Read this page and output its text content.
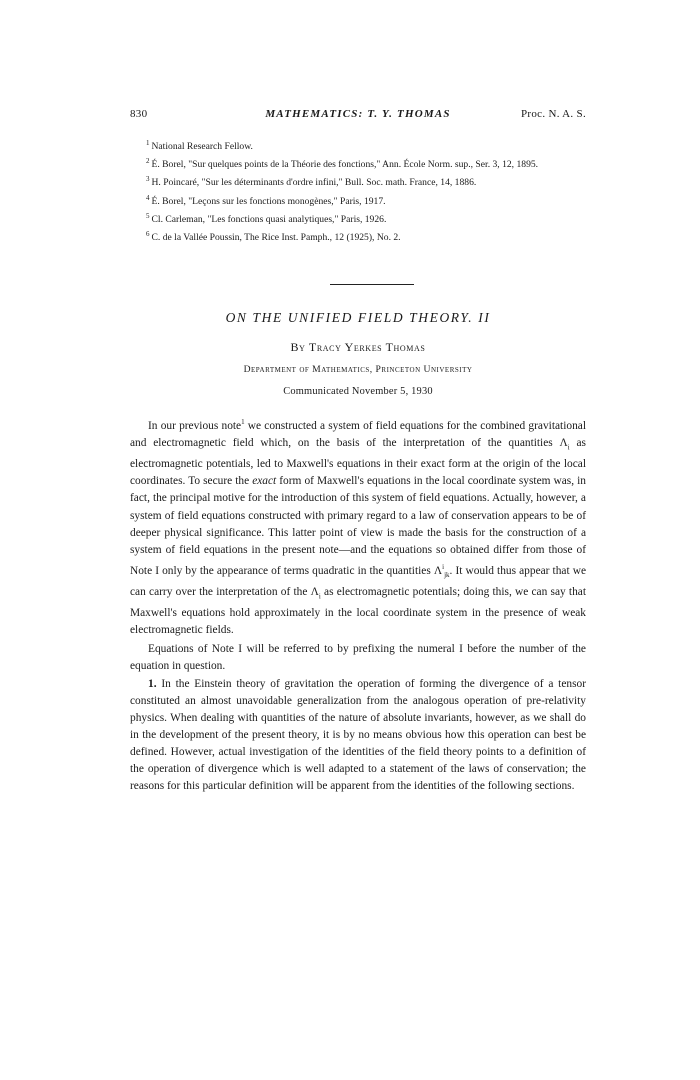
830	MATHEMATICS: T. Y. THOMAS	Proc. N. A. S.

$^1$ National Research Fellow.

$^2$ É. Borel, "Sur quelques points de la Théorie des fonctions," Ann. École Norm. sup., Ser. 3, 12, 1895.

$^3$ H. Poincaré, "Sur les déterminants d'ordre infini," Bull. Soc. math. France, 14, 1886.

$^4$ É. Borel, "Leçons sur les fonctions monogènes," Paris, 1917.

$^5$ Cl. Carleman, "Les fonctions quasi analytiques," Paris, 1926.

$^6$ C. de la Vallée Poussin, The Rice Inst. Pamph., 12 (1925), No. 2.

ON THE UNIFIED FIELD THEORY. II
By Tracy Yerkes Thomas
Department of Mathematics, Princeton University
Communicated November 5, 1930

In our previous note$^1$ we constructed a system of field equations for the combined gravitational and electromagnetic field which, on the basis of the interpretation of the quantities $\Lambda_i$ as electromagnetic potentials, led to Maxwell's equations in their exact form at the origin of the local coordinates. To secure the exact form of Maxwell's equations in the local coordinate system was, in fact, the principal motive for the introduction of this system of field equations. Actually, however, a system of field equations constructed with primary regard to a law of conservation appears to be of deeper physical significance. This latter point of view is made the basis for the construction of a system of field equations in the present note—and the equations so obtained differ from those of Note I only by the appearance of terms quadratic in the quantities $\Lambda^i_{jk}$. It would thus appear that we can carry over the interpretation of the $\Lambda_i$ as electromagnetic potentials; doing this, we can say that Maxwell's equations hold approximately in the local coordinate system in the presence of weak electromagnetic fields.

Equations of Note I will be referred to by prefixing the numeral I before the number of the equation in question.

1. In the Einstein theory of gravitation the operation of forming the divergence of a tensor constituted an almost unavoidable generalization from the analogous operation of pre-relativity physics. When dealing with quantities of the nature of absolute invariants, however, as we shall do in the development of the present theory, it is by no means obvious how this operation can best be defined. However, actual investigation of the identities of the field theory points to a definition of the operation of divergence which is well adapted to a statement of the laws of conservation; the reasons for this particular definition will be apparent from the identities of the following sections.
